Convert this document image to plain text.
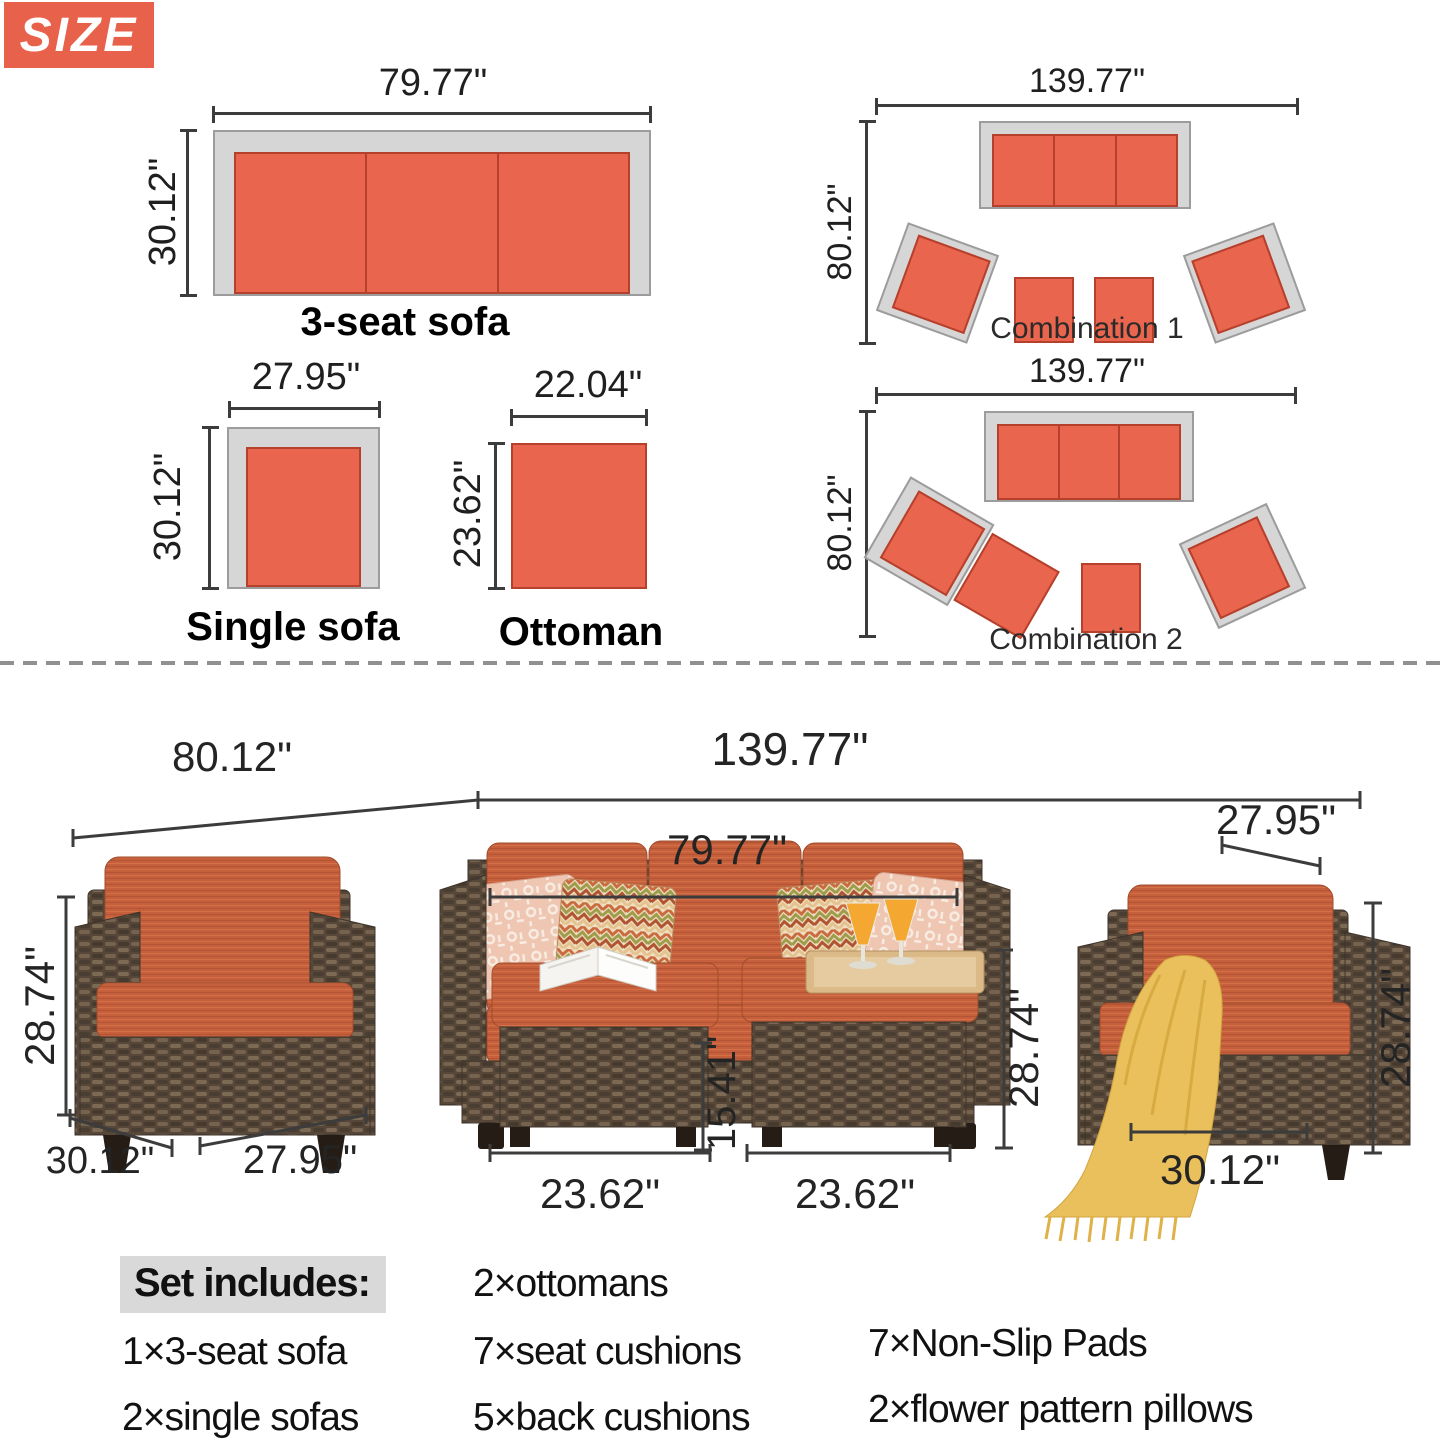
SIZE
79.77"
30.12"
3-seat sofa
27.95"
30.12"
Single sofa
22.04"
23.62"
Ottoman
139.77"
80.12"
Combination 1
139.77"
80.12"
Combination 2
80.12"	139.77"
79.77"
27.95"
28.74"	28.74"	28.74"
15.41"
23.62"	23.62"
30.12"	27.95"	30.12"
Set includes:
1×3-seat sofa
2×single sofas
2×ottomans
7×seat cushions
5×back cushions
7×Non-Slip Pads
2×flower pattern pillows
